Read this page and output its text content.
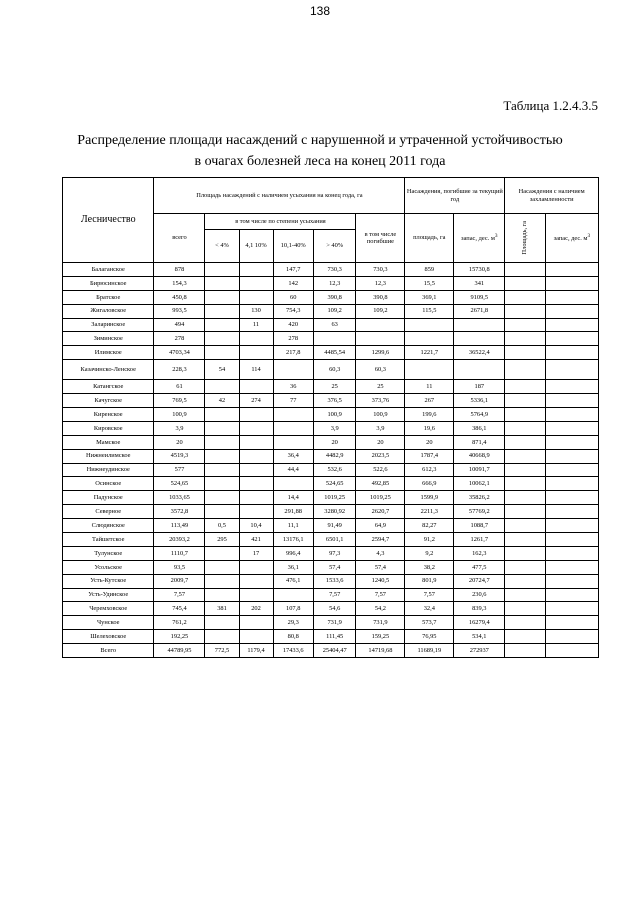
138
Таблица 1.2.4.3.5
Распределение площади насаждений с нарушенной и утраченной устойчивостью
в очагах болезней леса на конец 2011 года
Лесничество	Площадь насаждений с наличием усыхания на конец года, га						Насаждения, погибшие за текущий год		Насаждения с наличием захламленности	
	всего	в том числе по степени усыхания				в том числе погибшие	площадь, га	запас, дес. $м^3$	Площадь, га	запас, дес. $м^3$
		< 4%	4,1 10%	10,1-40%	> 40%					
Балаганское	878			147,7	730,3	730,3	859	15730,8		
Бирюсинское	154,3			142	12,3	12,3	15,5	341		
Братское	450,8			60	390,8	390,8	369,1	9109,5		
Жигаловское	993,5		130	754,3	109,2	109,2	115,5	2671,8		
Заларинское	494		11	420	63					
Зиминское	278			278						
Илимское	4703,34			217,8	4485,54	1299,6	1221,7	36522,4		
Казачинско-Ленское	228,3	54	114		60,3	60,3				
Катангское	61			36	25	25	11	187		
Качугское	769,5	42	274	77	376,5	373,76	267	5336,1		
Киренское	100,9				100,9	100,9	199,6	5764,9		
Кировское	3,9				3,9	3,9	19,6	386,1		
Мамское	20				20	20	20	871,4		
Нижнеилимское	4519,3			36,4	4482,9	2023,5	1787,4	40668,9		
Нижнеудинское	577			44,4	532,6	522,6	612,3	10091,7		
Осинское	524,65				524,65	492,85	666,9	10062,1		
Падунское	1033,65			14,4	1019,25	1019,25	1599,9	35826,2		
Северное	3572,8			291,88	3280,92	2620,7	2211,3	57769,2		
Слюдянское	113,49	0,5	10,4	11,1	91,49	64,9	82,27	1088,7		
Тайшетское	20393,2	295	421	13176,1	6501,1	2594,7	91,2	1261,7		
Тулунское	1110,7		17	996,4	97,3	4,3	9,2	162,3		
Усольское	93,5			36,1	57,4	57,4	38,2	477,5		
Усть-Кутское	2009,7			476,1	1533,6	1240,5	801,9	20724,7		
Усть-Удинское	7,57				7,57	7,57	7,57	230,6		
Черемховское	745,4	381	202	107,8	54,6	54,2	32,4	839,3		
Чунское	761,2			29,3	731,9	731,9	573,7	16279,4		
Шелеховское	192,25			80,8	111,45	159,25	76,95	534,1		
Всего	44789,95	772,5	1179,4	17433,6	25404,47	14719,68	11689,19	272937		
